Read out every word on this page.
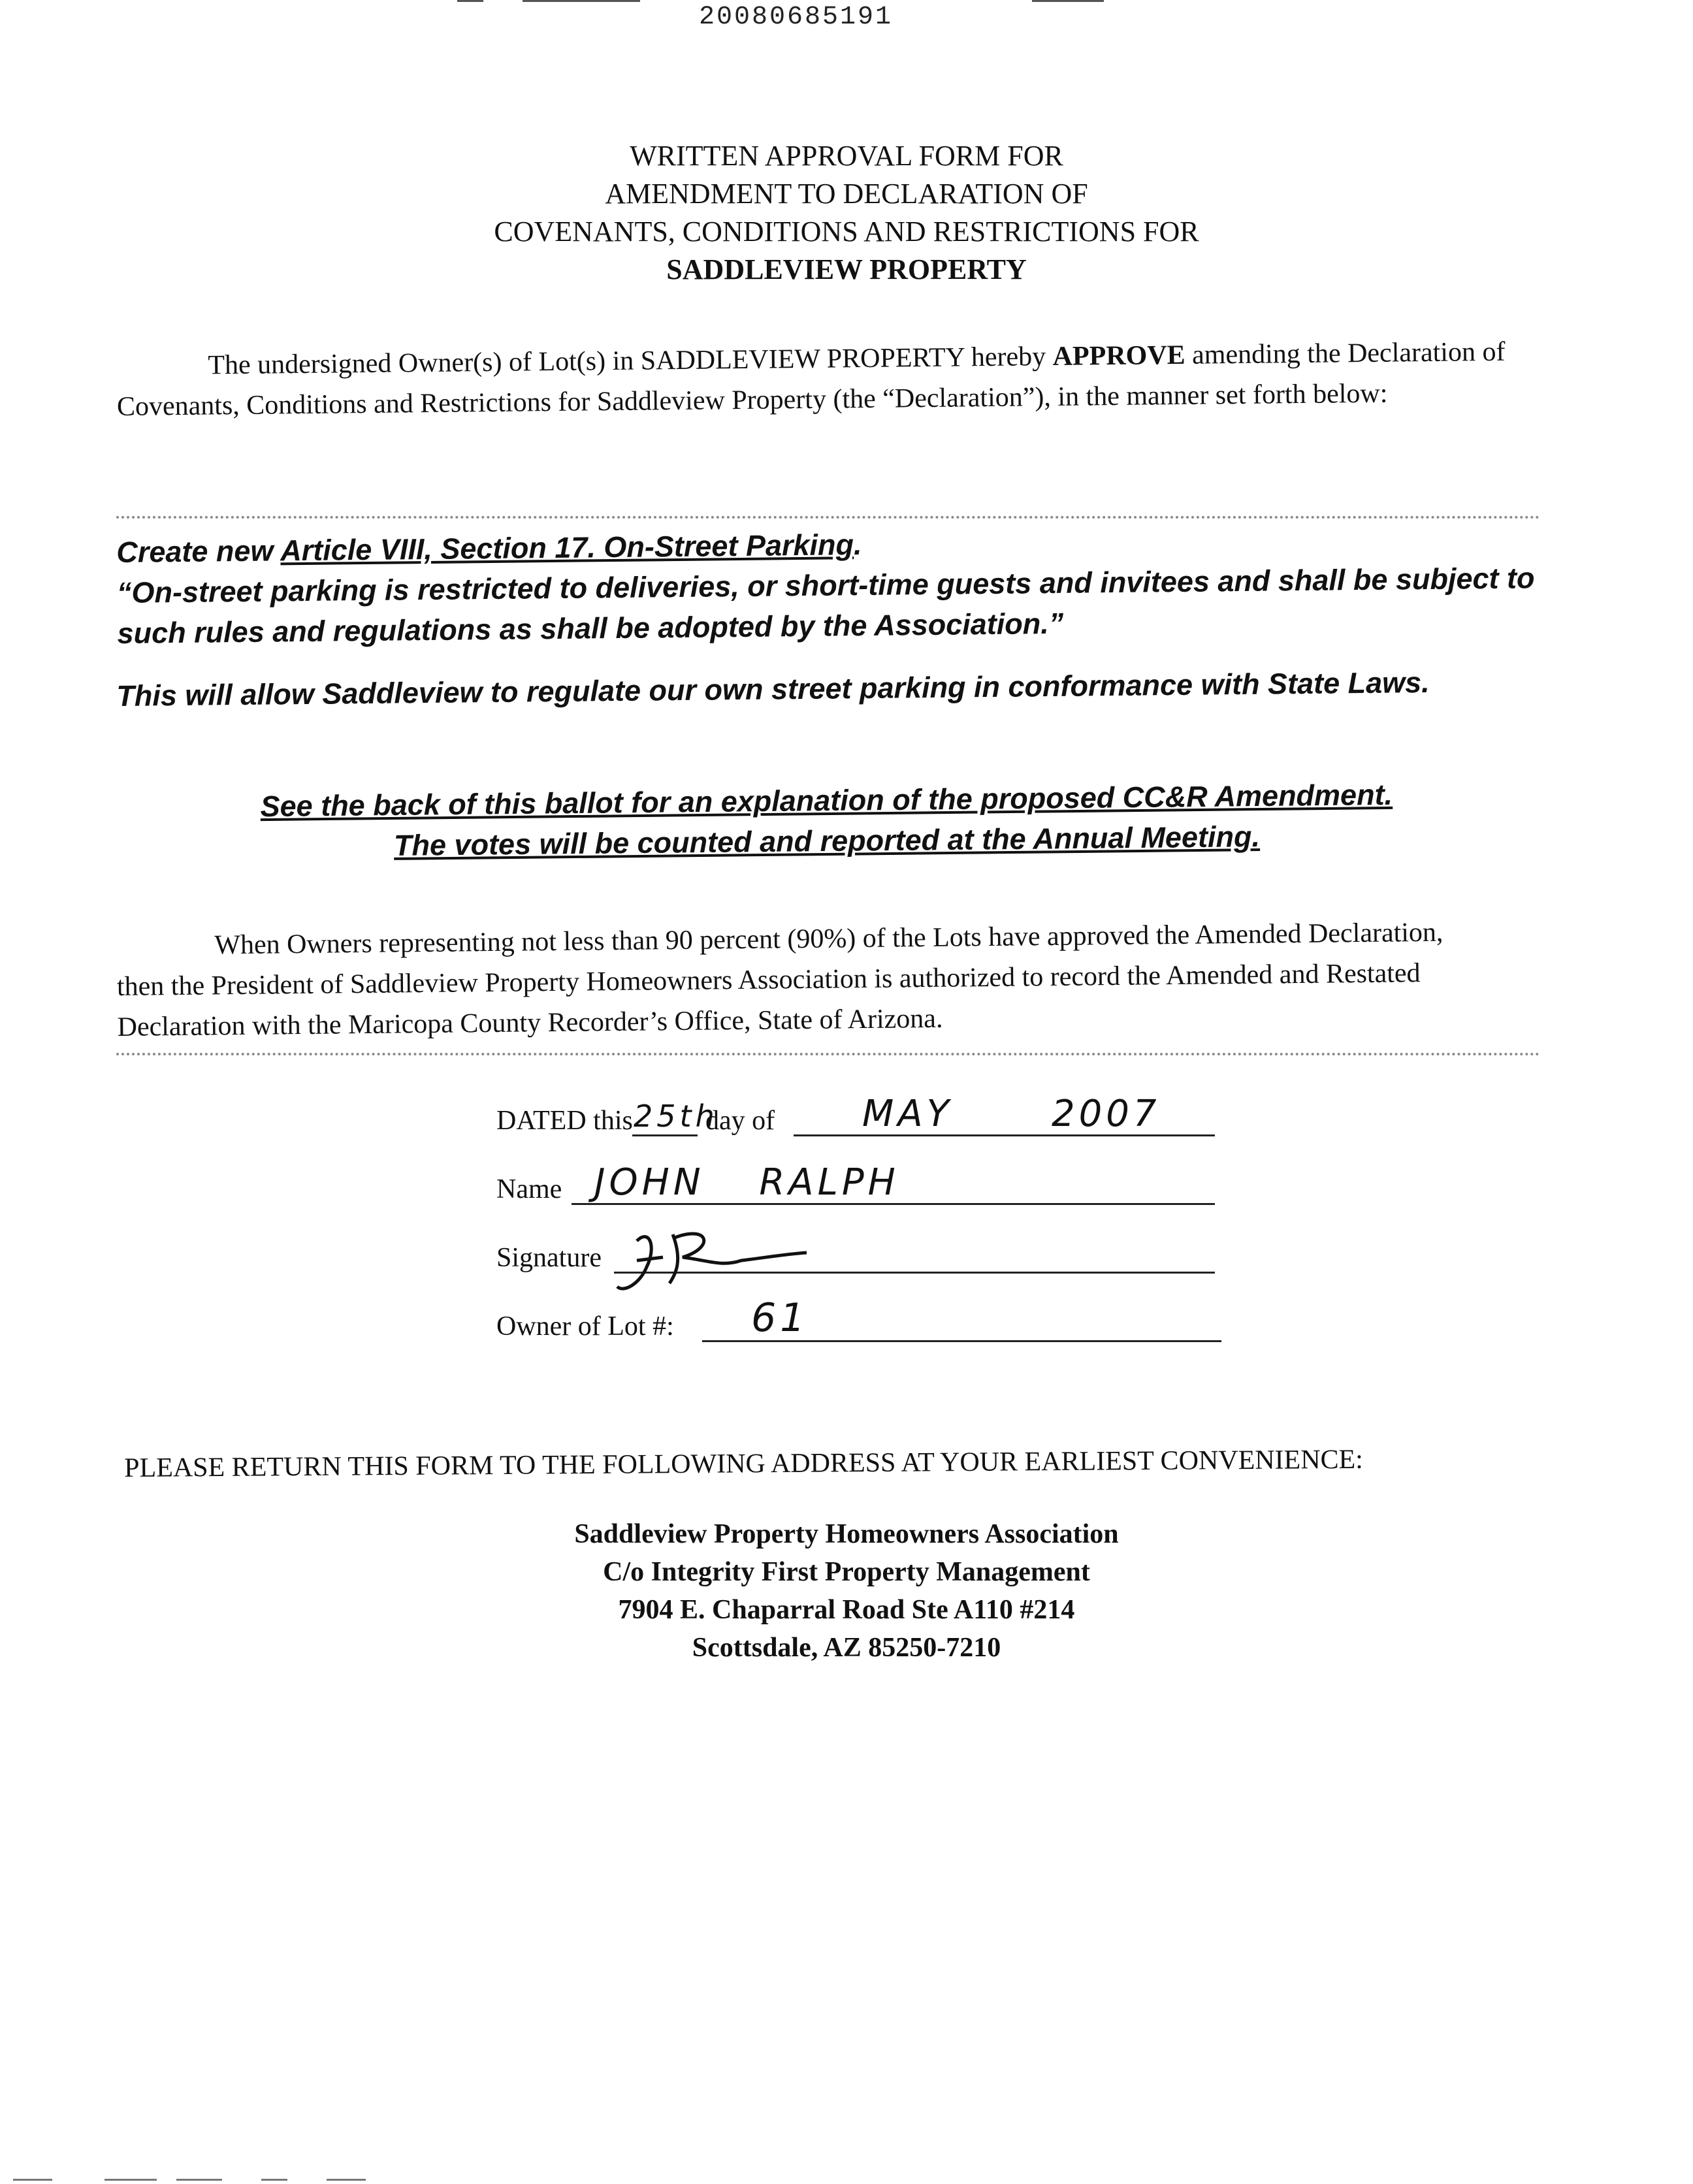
20080685191
WRITTEN APPROVAL FORM FOR
AMENDMENT TO DECLARATION OF
COVENANTS, CONDITIONS AND RESTRICTIONS FOR
SADDLEVIEW PROPERTY
The undersigned Owner(s) of Lot(s) in SADDLEVIEW PROPERTY hereby APPROVE amending the Declaration of Covenants, Conditions and Restrictions for Saddleview Property (the “Declaration”), in the manner set forth below:
Create new Article VIII, Section 17. On-Street Parking.
“On-street parking is restricted to deliveries, or short-time guests and invitees and shall be subject to such rules and regulations as shall be adopted by the Association.”
This will allow Saddleview to regulate our own street parking in conformance with State Laws.
See the back of this ballot for an explanation of the proposed CC&R Amendment.
The votes will be counted and reported at the Annual Meeting.
When Owners representing not less than 90 percent (90%) of the Lots have approved the Amended Declaration, then the President of Saddleview Property Homeowners Association is authorized to record the Amended and Restated Declaration with the Maricopa County Recorder’s Office, State of Arizona.
DATED this 25th
day of MAY	2007
Name JOHN RALPH
Signature
Owner of Lot #: 61
PLEASE RETURN THIS FORM TO THE FOLLOWING ADDRESS AT YOUR EARLIEST CONVENIENCE:
Saddleview Property Homeowners Association
C/o Integrity First Property Management
7904 E. Chaparral Road Ste A110 #214
Scottsdale, AZ 85250-7210
